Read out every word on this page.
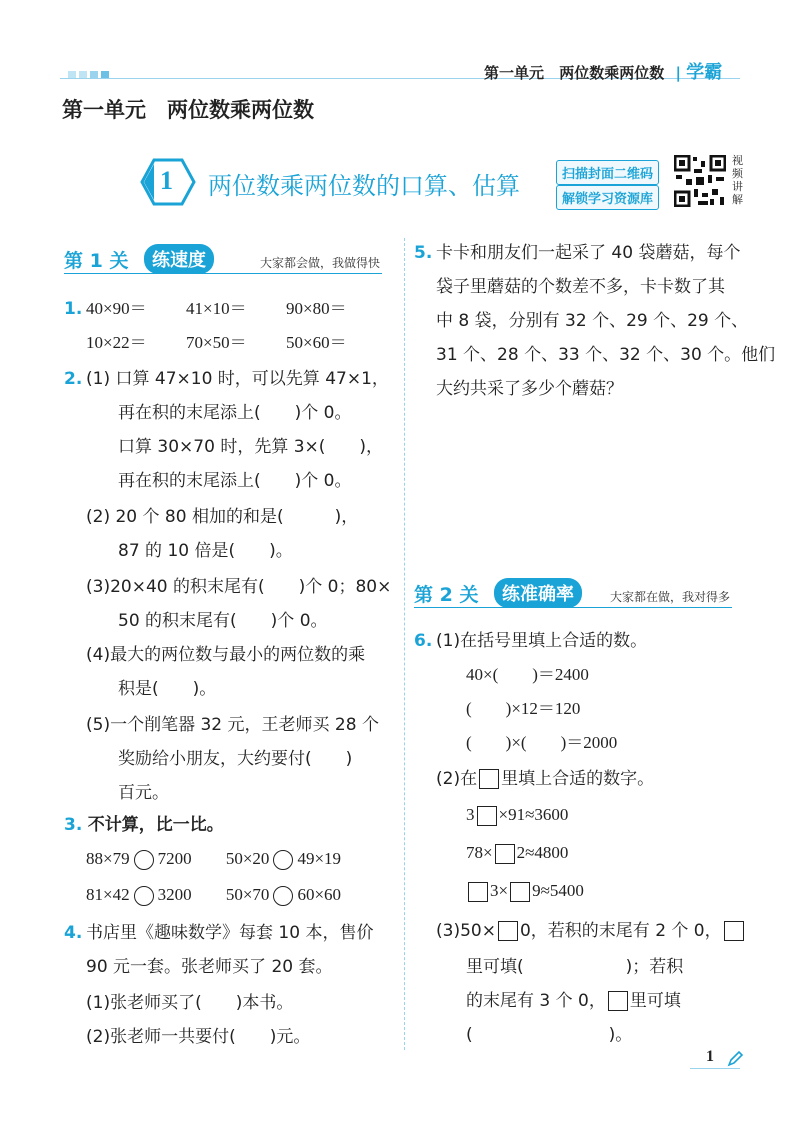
第一单元 两位数乘两位数 | 学霸
第一单元　两位数乘两位数
1 两位数乘两位数的口算、估算	扫描封面二维码
解锁学习资源库
视频讲解
第 1 关	练速度	大家都会做，我做得快
1. 40×90＝ 41×10＝ 90×80＝
10×22＝ 70×50＝ 50×60＝
2. (1) 口算 47×10 时，可以先算 47×1，
再在积的末尾添上(　　)个 0。
口算 30×70 时，先算 3×(　　)，
再在积的末尾添上(　　)个 0。
(2) 20 个 80 相加的和是(　　　)，
87 的 10 倍是(　　)。
(3)20×40 的积末尾有(　　)个 0；80×
50 的积末尾有(　　)个 0。
(4)最大的两位数与最小的两位数的乘
积是(　　)。
(5)一个削笔器 32 元，王老师买 28 个
奖励给小朋友，大约要付(　　)
百元。
3. 不计算，比一比。
88×79 7200 50×20 49×19
81×42 3200 50×70 60×60
4. 书店里《趣味数学》每套 10 本，售价
90 元一套。张老师买了 20 套。
(1)张老师买了(　　)本书。
(2)张老师一共要付(　　)元。
5. 卡卡和朋友们一起采了 40 袋蘑菇，每个
袋子里蘑菇的个数差不多，卡卡数了其
中 8 袋，分别有 32 个、29 个、29 个、
31 个、28 个、33 个、32 个、30 个。他们
大约共采了多少个蘑菇？
第 2 关	练准确率	大家都在做，我对得多
6. (1)在括号里填上合适的数。
40×(　　)＝2400
(　　)×12＝120
(　　)×(　　)＝2000
(2)在 里填上合适的数字。
3 ×91≈3600
78× 2≈4800
3× 9≈5400
(3)50× 0，若积的末尾有 2 个 0，
里可填(　　　　　　)；若积
的末尾有 3 个 0， 里可填
(　　　　　　　　)。
1
